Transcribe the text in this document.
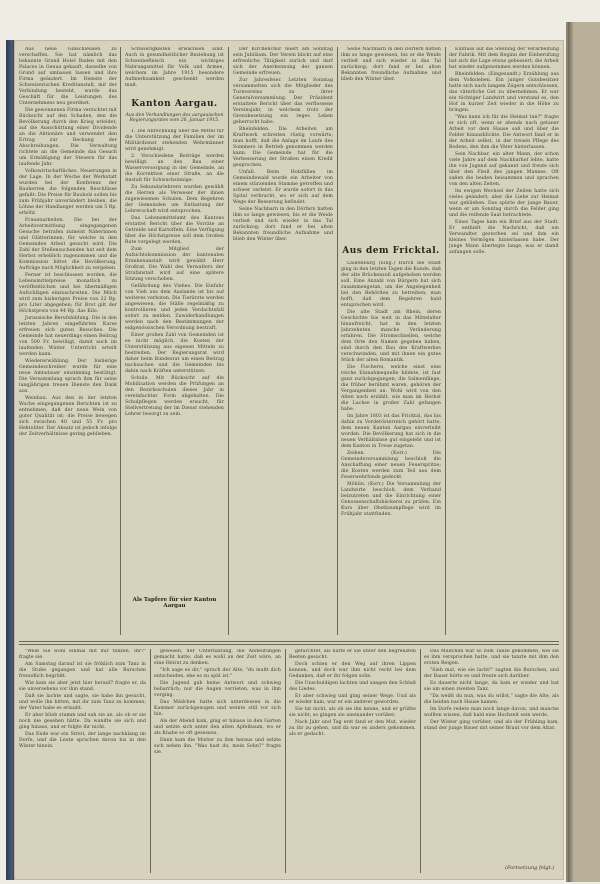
Aus neue Ginschleusen zu verschaffen. Sie hat nämlich das bekannte Grand Hotel Baden mit den Palaces in Genua gekauft, dasselbe von Grund auf umbauen lassen und ihre Firma geändert. Im Dienste der Schweizerischen Kreditanstalt, mit der Verbindung besteht, wurde das Geschäft für die Leistungen des Unternehmens neu geordnet.

Die gewonnenen Firma verzichtet mit Rücksicht auf den Schaden, den die Bevölkerung durch den Krieg erleidet, auf die Ausschüttung einer Dividende an die Aktionäre und verwendet den Ertrag zur Deckung der Abschreibungen. Die Verwaltung richtete an die Gemeinde das Gesuch um Ermäßigung der Steuern für das laufende Jahr.

Volkswirtschaftliches. Neuerungen in der Lage. In der Woche der Werkstatt wurden bei der Konferenz der Bauherren die folgenden Beschlüsse gefaßt: Die Preise für Bauholz sollen bis zum Frühjahr unverändert bleiben, die Löhne der Handlanger werden um 5 Rp. erhöht.

Frauenarbeiten. Die bei der Arbeitsvermittlung eingegangenen Gesuche betrafen zumeist Näherinnen und Glätterinnen, für welche in den Gemeinden Arbeit gesucht wird. Die Zahl der Stellensuchenden hat seit dem Herbst erheblich zugenommen und die Kommission bittet die Bevölkerung, Aufträge nach Möglichkeit zu vergeben.

Ferner ist beschlossen worden, die Lebensmittelpreise monatlich zu veröffentlichen und bei übermäßigen Aufschlägen einzuschreiten. Die Milch wird zum bisherigen Preise von 22 Rp. pro Liter abgegeben; für Brot gilt der Höchstpreis von 44 Rp. das Kilo.

Jurassische Berufsbildung. Die in den letzten Jahren eingeführten Kurse erfreuen sich guten Besuches. Die Gemeinde hat neuerdings einen Beitrag von 500 Fr. bewilligt, damit auch im laufenden Winter Unterricht erteilt werden kann.

Wiedererwählung. Der bisherige Gemeindeschreiber wurde für eine neue Amtsdauer einstimmig bestätigt. Die Versammlung sprach ihm für seine langjährigen treuen Dienste den Dank aus.

Weinbau. Aus den in der letzten Woche eingegangenen Berichten ist zu entnehmen, daß der neue Wein von guter Qualität ist; die Preise bewegen sich zwischen 40 und 55 Fr. pro Hektoliter. Der Absatz ist jedoch infolge der Zeitverhältnisse gering geblieben.

Schwierigkeiten erwachsen sind. Auch in gesundheitlicher Beziehung ist Schweinefleisch ein wichtiges Nahrungsmittel für Volk und Armee, welchem im Jahre 1915 besondere Aufmerksamkeit geschenkt werden muß.

Kanton Aargau.
Aus den Verhandlungen des aargauischen Regierungsrates vom 26. Januar 1915.

1. Die Abrechnung über die Mittel für die Unterstützung der Familien der im Militärdienst stehenden Wehrmänner wird genehmigt.

2. Verschiedene Beiträge werden bewilligt: an den Bau einer Wasserversorgung in der Gemeinde, an die Korrektion einer Straße, an die Anstalt für Schwachsinnige.

Zu Sekundarlehrern wurden gewählt die Herren als Verweser der ihnen zugewiesenen Schulen. Dem Begehren der Gemeinden um Entlastung der Lehrerschaft wird entsprochen.

Das Lebensmittelamt des Kantons erstattet Bericht über die Vorräte an Getreide und Kartoffeln. Eine Verfügung über die Höchstpreise soll dem Großen Rate vorgelegt werden.

Zum Mitglied der Aufsichtskommission der kantonalen Krankenanstalt wird gewählt Herr Großrat. Die Wahl des Verwalters der Strafanstalt wird auf eine spätere Sitzung verschoben.

Gefährdung des Viehes. Die Einfuhr von Vieh aus dem Auslande ist bis auf weiteres verboten. Die Tierärzte werden angewiesen, die Ställe regelmäßig zu kontrollieren und jeden Verdachtsfall sofort zu melden. Zuwiderhandlungen werden nach den Bestimmungen der eidgenössischen Verordnung bestraft.

Einer großen Zahl von Gemeinden ist es nicht möglich, die Kosten der Unterstützung aus eigenen Mitteln zu bestreiten. Der Regierungsrat wird daher beim Bundesrat um einen Beitrag nachsuchen und die Gemeinden bis dahin nach Kräften unterstützen.

Schule. Mit Rücksicht auf die Mobilisation werden die Prüfungen an den Bezirksschulen dieses Jahr in vereinfachter Form abgehalten. Die Schulpflegen werden ersucht, für Stellvertretung der im Dienst stehenden Lehrer besorgt zu sein.

Als Tapfere für vier Kanton Aargau

Der Kirchenchor feiert am Sonntag sein Jubiläum. Der Verein blickt auf eine erfreuliche Tätigkeit zurück und darf sich der Anerkennung der ganzen Gemeinde erfreuen.

Zur Jahresfeier. Letzten Sonntag versammelten sich die Mitglieder des Turnvereins zu ihrer Generalversammlung. Der Präsident erstattete Bericht über das verflossene Vereinsjahr, in welchem trotz der Grenzbesetzung ein reges Leben geherrscht habe.

Rheinfelden. Die Arbeiten am Kraftwerk schreiten rüstig vorwärts; man hofft, daß die Anlage im Laufe des Sommers in Betrieb genommen werden kann. Die Gemeinde hat für die Verbesserung der Straßen einen Kredit gesprochen.

Unfall. Beim Holzfällen im Gemeindewald wurde ein Arbeiter von einem stürzenden Stamme getroffen und schwer verletzt. Er wurde sofort in das Spital verbracht, wo er sich auf dem Wege der Besserung befindet.

Seine Nachbarn in den Dörfern hatten ihm so lange gewiesen, bis er die Weide verließ und sich wieder in das Tal zurückzog; dort fand er bei alten Bekannten freundliche Aufnahme und blieb den Winter über.

Seine Nachbarn in den Dörfern hatten ihm so lange gewiesen, bis er die Weide verließ und sich wieder in das Tal zurückzog; dort fand er bei alten Bekannten freundliche Aufnahme und blieb den Winter über.

Aus dem Fricktal.

Laufenburg (Eing.) Durch die Stadt ging in den letzten Tagen die Kunde, daß der alte Brückenzoll aufgehoben werden soll. Eine Anzahl von Bürgern hat sich zusammengetan, um die Angelegenheit bei den Behörden zu betreiben; man hofft, daß dem Begehren bald entsprochen wird.

Die alte Stadt am Rhein, deren Geschichte bis weit in das Mittelalter hinaufreicht, hat in den letzten Jahrzehnten manche Veränderung erfahren. Die Stromschnellen, welche dem Orte den Namen gegeben haben, sind durch den Bau des Kraftwerkes verschwunden, und mit ihnen ein gutes Stück der alten Romantik.

Die Fischerei, welche einst eine reiche Einnahmequelle bildete, ist fast ganz zurückgegangen; die Salmenfänge, die früher berühmt waren, gehören der Vergangenheit an. Wohl wird von den Alten noch erzählt, wie man im Herbst die Lachse in großer Zahl gefangen habe.

Im Jahre 1803 ist das Fricktal, das bis dahin zu Vorderösterreich gehört hatte, dem neuen Kanton Aargau einverleibt worden. Die Bevölkerung hat sich in die neuen Verhältnisse gut eingelebt und ist dem Kanton in Treue zugetan.

Zeihen. (Korr.) Die Gemeindeversammlung beschloß die Anschaffung einer neuen Feuerspritze; die Kosten werden zum Teil aus dem Feuerwehrfonds gedeckt.

Möhlin. (Korr.) Die Versammlung der Landwirte beschloß, dem Verband beizutreten und die Einrichtung einer Genossenschaftsbäckerei zu prüfen. Ein Kurs über Obstbaumpflege wird im Frühjahr stattfinden.

Einfluss auf die Stellung der Verarbeitung der Fabrik. Mit dem Beginn der Einberufung hat sich die Lage etwas gebessert; die Arbeit hat wieder aufgenommen werden können.

Rheinfelden. (Eingesandt.) Erzählung aus dem Volksleben. Ein junger Gutsbesitzer hatte sich nach langem Zögern entschlossen, das väterliche Gut zu übernehmen. Er war ein tüchtiger Landwirt und verstand es, den Hof in kurzer Zeit wieder in die Höhe zu bringen.

"Was kann ich für die Heimat tun?" fragte er sich oft, wenn er abends nach getaner Arbeit vor dem Hause saß und über die Felder hinausblickte. Die Antwort fand er in der Arbeit selbst, in der treuen Pflege des Bodens, den ihm die Väter hinterlassen.

Sein Nachbar, ein alter Mann, der schon viele Jahre auf dem Nachbarhof lebte, hatte ihn von Jugend auf gekannt und freute sich über den Fleiß des jungen Mannes. Oft saßen die beiden beisammen und sprachen von den alten Zeiten.

Im ewigen Wechsel der Zeiten hatte sich vieles geändert; aber die Liebe zur Heimat war geblieben. Das spürte der junge Bauer, wenn er am Sonntag durch die Felder ging und die reifende Saat betrachtete.

Eines Tages kam ein Brief aus der Stadt. Er enthielt die Nachricht, daß ein Verwandter gestorben sei und ihm ein kleines Vermögen hinterlassen habe. Der junge Mann überlegte lange, was er damit anfangen solle.

"Weiß Sie wohl einmal mit mir tanzen, Ihr?" fragte sie.

Am Samstag darauf ist sie fröhlich zum Tanz in die Stube gegangen und hat alle Burschen freundlich begrüßt.

Wie kam sie aber jetzt hier herauf? fragte er, da sie unversehens vor ihm stand.

Daß sie lachte und sagte, sie habe ihn gesucht, und wolle ihn bitten, mit ihr zum Tanz zu kommen; der Vater habe es erlaubt.

Er aber blieb stumm und sah sie an, als ob er sie noch nie gesehen hätte. Da wandte sie sich und ging hinaus, und er folgte ihr nicht.

Das Ende war ein Streit, der lange nachklang im Dorfe, und die Leute sprachen davon bis in den Winter hinein.

gewesen, der Unterhaltung, die Andeutungen gemacht hatte, daß es wohl an der Zeit wäre, an eine Heirat zu denken.

"Ich sage es dir," sprach der Alte, "du mußt dich entscheiden, ehe es zu spät ist."

Die Jugend gab keine Antwort und schwieg beharrlich; nur die Augen verrieten, was in ihm vorging.

Das Mädchen hatte sich unterdessen in die Kammer zurückgezogen und weinte still vor sich hin.

Als der Abend kam, ging er hinaus in den Garten und setzte sich unter den alten Apfelbaum, wo er als Knabe so oft gesessen.

Dann kam die Mutter zu ihm heraus und setzte sich neben ihn. "Was hast du, mein Sohn?" fragte sie.

gefürchtet, als hätte er sie unter den begrenzten Beeten gesucht.

Doch schien er den Weg auf ihren Lippen kennen, und doch war ihm nicht recht bei dem Gedanken, daß er ihr folgen solle.

Die Unschuldigen lachten und sangen den Schluß des Liedes.

Er aber schwieg und ging seiner Wege. Und als er wieder kam, war er ein anderer geworden.

Sie tat nicht, als ob sie ihn kenne, und er grüßte sie nicht; so gingen sie aneinander vorüber.

Nach Jahr und Tag erst fand er den Mut, wieder zu ihr zu gehen, und da war es anders gekommen, als er gedacht.

Das Mädchen war so zum Tanze gekommen, wie sie es ihm versprochen hatte, und sie tanzte mit ihm den ersten Reigen.

"Sieh mal, wie sie lacht!" sagten die Burschen, und der Bauer hörte es und freute sich darüber.

Es dauerte nicht lange, da kam er wieder und bat sie um einen zweiten Tanz.

"Da weißt du nun, was du willst," sagte die Alte, als die beiden nach Hause kamen.

Im Dorfe redete man noch lange davon, und manche wollten wissen, daß bald eine Hochzeit sein werde.

Der Winter ging vorüber, und als der Frühling kam, stand der junge Bauer mit seiner Braut vor dem Altar.

(Fortsetzung folgt.)
